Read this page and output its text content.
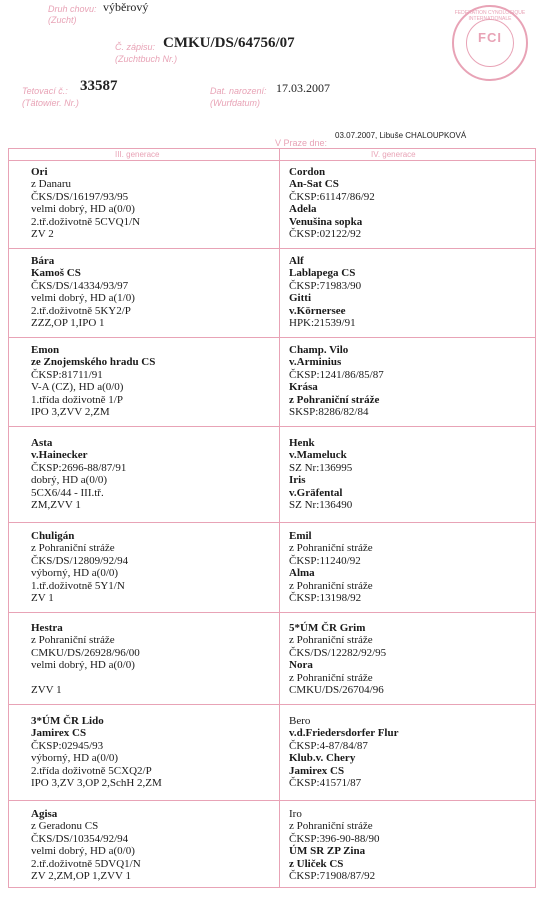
Druh chovu:
(Zucht)
výběrový
Č. zápisu:
(Zuchtbuch Nr.)
CMKU/DS/64756/07
Tetovací č.:
(Tätowier. Nr.)
33587	Dat. narození:
(Wurfdatum)
17.03.2007
V Praze dne:
03.07.2007, Libuše CHALOUPKOVÁ
FEDERATION CYNOLOGIQUE INTERNATIONALE
FCI
III. generace	IV. generace
Ori
z Danaru
ČKS/DS/16197/93/95
velmi dobrý, HD a(0/0)
2.tř.doživotně 5CVQ1/N
ZV 2
Cordon
An-Sat CS
ČKSP:61147/86/92
Adela
Venušina sopka
ČKSP:02122/92
Bára
Kamoš CS
ČKS/DS/14334/93/97
velmi dobrý, HD a(1/0)
2.tř.doživotně 5KY2/P
ZZZ,OP 1,IPO 1
Alf
Lablapega CS
ČKSP:71983/90
Gitti
v.Körnersee
HPK:21539/91
Emon
ze Znojemského hradu CS
ČKSP:81711/91
V-A (CZ), HD a(0/0)
1.třída doživotně 1/P
IPO 3,ZVV 2,ZM
Champ. Vilo
v.Arminius
ČKSP:1241/86/85/87
Krása
z Pohraniční stráže
SKSP:8286/82/84
Asta
v.Hainecker
ČKSP:2696-88/87/91
dobrý, HD a(0/0)
5CX6/44 - III.tř.
ZM,ZVV 1
Henk
v.Mameluck
SZ Nr:136995
Iris
v.Gräfental
SZ Nr:136490
Chuligán
z Pohraniční stráže
ČKS/DS/12809/92/94
výborný, HD a(0/0)
1.tř.doživotně 5Y1/N
ZV 1
Emil
z Pohraniční stráže
ČKSP:11240/92
Alma
z Pohraniční stráže
ČKSP:13198/92
Hestra
z Pohraniční stráže
CMKU/DS/26928/96/00
velmi dobrý, HD a(0/0)
ZVV 1
5*ÚM ČR Grim
z Pohraniční stráže
ČKS/DS/12282/92/95
Nora
z Pohraniční stráže
CMKU/DS/26704/96
3*ÚM ČR Lido
Jamirex CS
ČKSP:02945/93
výborný, HD a(0/0)
2.třída doživotně 5CXQ2/P
IPO 3,ZV 3,OP 2,SchH 2,ZM
Bero
v.d.Friedersdorfer Flur
ČKSP:4-87/84/87
Klub.v. Chery
Jamirex CS
ČKSP:41571/87
Agisa
z Geradonu CS
ČKS/DS/10354/92/94
velmi dobrý, HD a(0/0)
2.tř.doživotně 5DVQ1/N
ZV 2,ZM,OP 1,ZVV 1
Iro
z Pohraniční stráže
ČKSP:396-90-88/90
ÚM SR ZP Zina
z Uliček CS
ČKSP:71908/87/92
